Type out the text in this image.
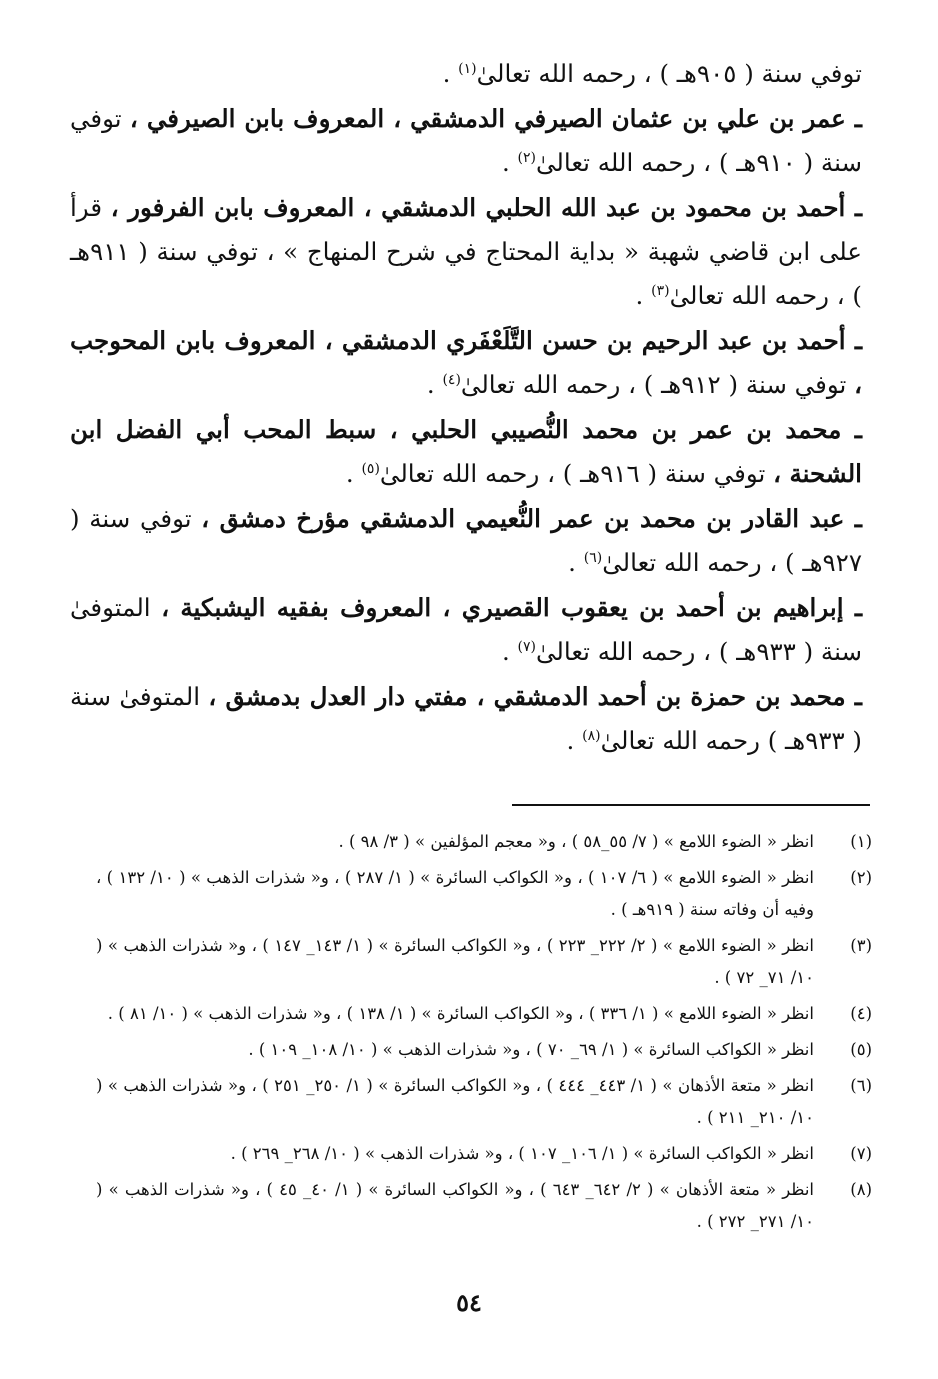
توفي سنة ( ٩٠٥هـ ) ، رحمه الله تعالىٰ$^{(١)}$ .

ـ عمر بن علي بن عثمان الصيرفي الدمشقي ، المعروف بابن الصيرفي ، توفي سنة ( ٩١٠هـ ) ، رحمه الله تعالىٰ$^{(٢)}$ .

ـ أحمد بن محمود بن عبد الله الحلبي الدمشقي ، المعروف بابن الفرفور ، قرأ على ابن قاضي شهبة « بداية المحتاج في شرح المنهاج » ، توفي سنة ( ٩١١هـ ) ، رحمه الله تعالىٰ$^{(٣)}$ .

ـ أحمد بن عبد الرحيم بن حسن التَّلَعْفَري الدمشقي ، المعروف بابن المحوجب ، توفي سنة ( ٩١٢هـ ) ، رحمه الله تعالىٰ$^{(٤)}$ .

ـ محمد بن عمر بن محمد النُّصيبي الحلبي ، سبط المحب أبي الفضل ابن الشحنة ، توفي سنة ( ٩١٦هـ ) ، رحمه الله تعالىٰ$^{(٥)}$ .

ـ عبد القادر بن محمد بن عمر النُّعيمي الدمشقي مؤرخ دمشق ، توفي سنة ( ٩٢٧هـ ) ، رحمه الله تعالىٰ$^{(٦)}$ .

ـ إبراهيم بن أحمد بن يعقوب القصيري ، المعروف بفقيه اليشبكية ، المتوفىٰ سنة ( ٩٣٣هـ ) ، رحمه الله تعالىٰ$^{(٧)}$ .

ـ محمد بن حمزة بن أحمد الدمشقي ، مفتي دار العدل بدمشق ، المتوفىٰ سنة ( ٩٣٣هـ ) رحمه الله تعالىٰ$^{(٨)}$ .

(١)
انظر « الضوء اللامع » ( ٧/ ٥٥_٥٨ ) ، و« معجم المؤلفين » ( ٣/ ٩٨ ) .
(٢)
انظر « الضوء اللامع » ( ٦/ ١٠٧ ) ، و« الكواكب السائرة » ( ١/ ٢٨٧ ) ، و« شذرات الذهب » ( ١٠/ ١٣٢ ) ، وفيه أن وفاته سنة ( ٩١٩هـ ) .
(٣)
انظر « الضوء اللامع » ( ٢/ ٢٢٢_ ٢٢٣ ) ، و« الكواكب السائرة » ( ١/ ١٤٣_ ١٤٧ ) ، و« شذرات الذهب » ( ١٠/ ٧١_ ٧٢ ) .
(٤)
انظر « الضوء اللامع » ( ١/ ٣٣٦ ) ، و« الكواكب السائرة » ( ١/ ١٣٨ ) ، و« شذرات الذهب » ( ١٠/ ٨١ ) .
(٥)
انظر « الكواكب السائرة » ( ١/ ٦٩_ ٧٠ ) ، و« شذرات الذهب » ( ١٠/ ١٠٨_ ١٠٩ ) .
(٦)
انظر « متعة الأذهان » ( ١/ ٤٤٣_ ٤٤٤ ) ، و« الكواكب السائرة » ( ١/ ٢٥٠_ ٢٥١ ) ، و« شذرات الذهب » ( ١٠/ ٢١٠_ ٢١١ ) .
(٧)
انظر « الكواكب السائرة » ( ١/ ١٠٦_ ١٠٧ ) ، و« شذرات الذهب » ( ١٠/ ٢٦٨_ ٢٦٩ ) .
(٨)
انظر « متعة الأذهان » ( ٢/ ٦٤٢_ ٦٤٣ ) ، و« الكواكب السائرة » ( ١/ ٤٠_ ٤٥ ) ، و« شذرات الذهب » ( ١٠/ ٢٧١_ ٢٧٢ ) .
٥٤
